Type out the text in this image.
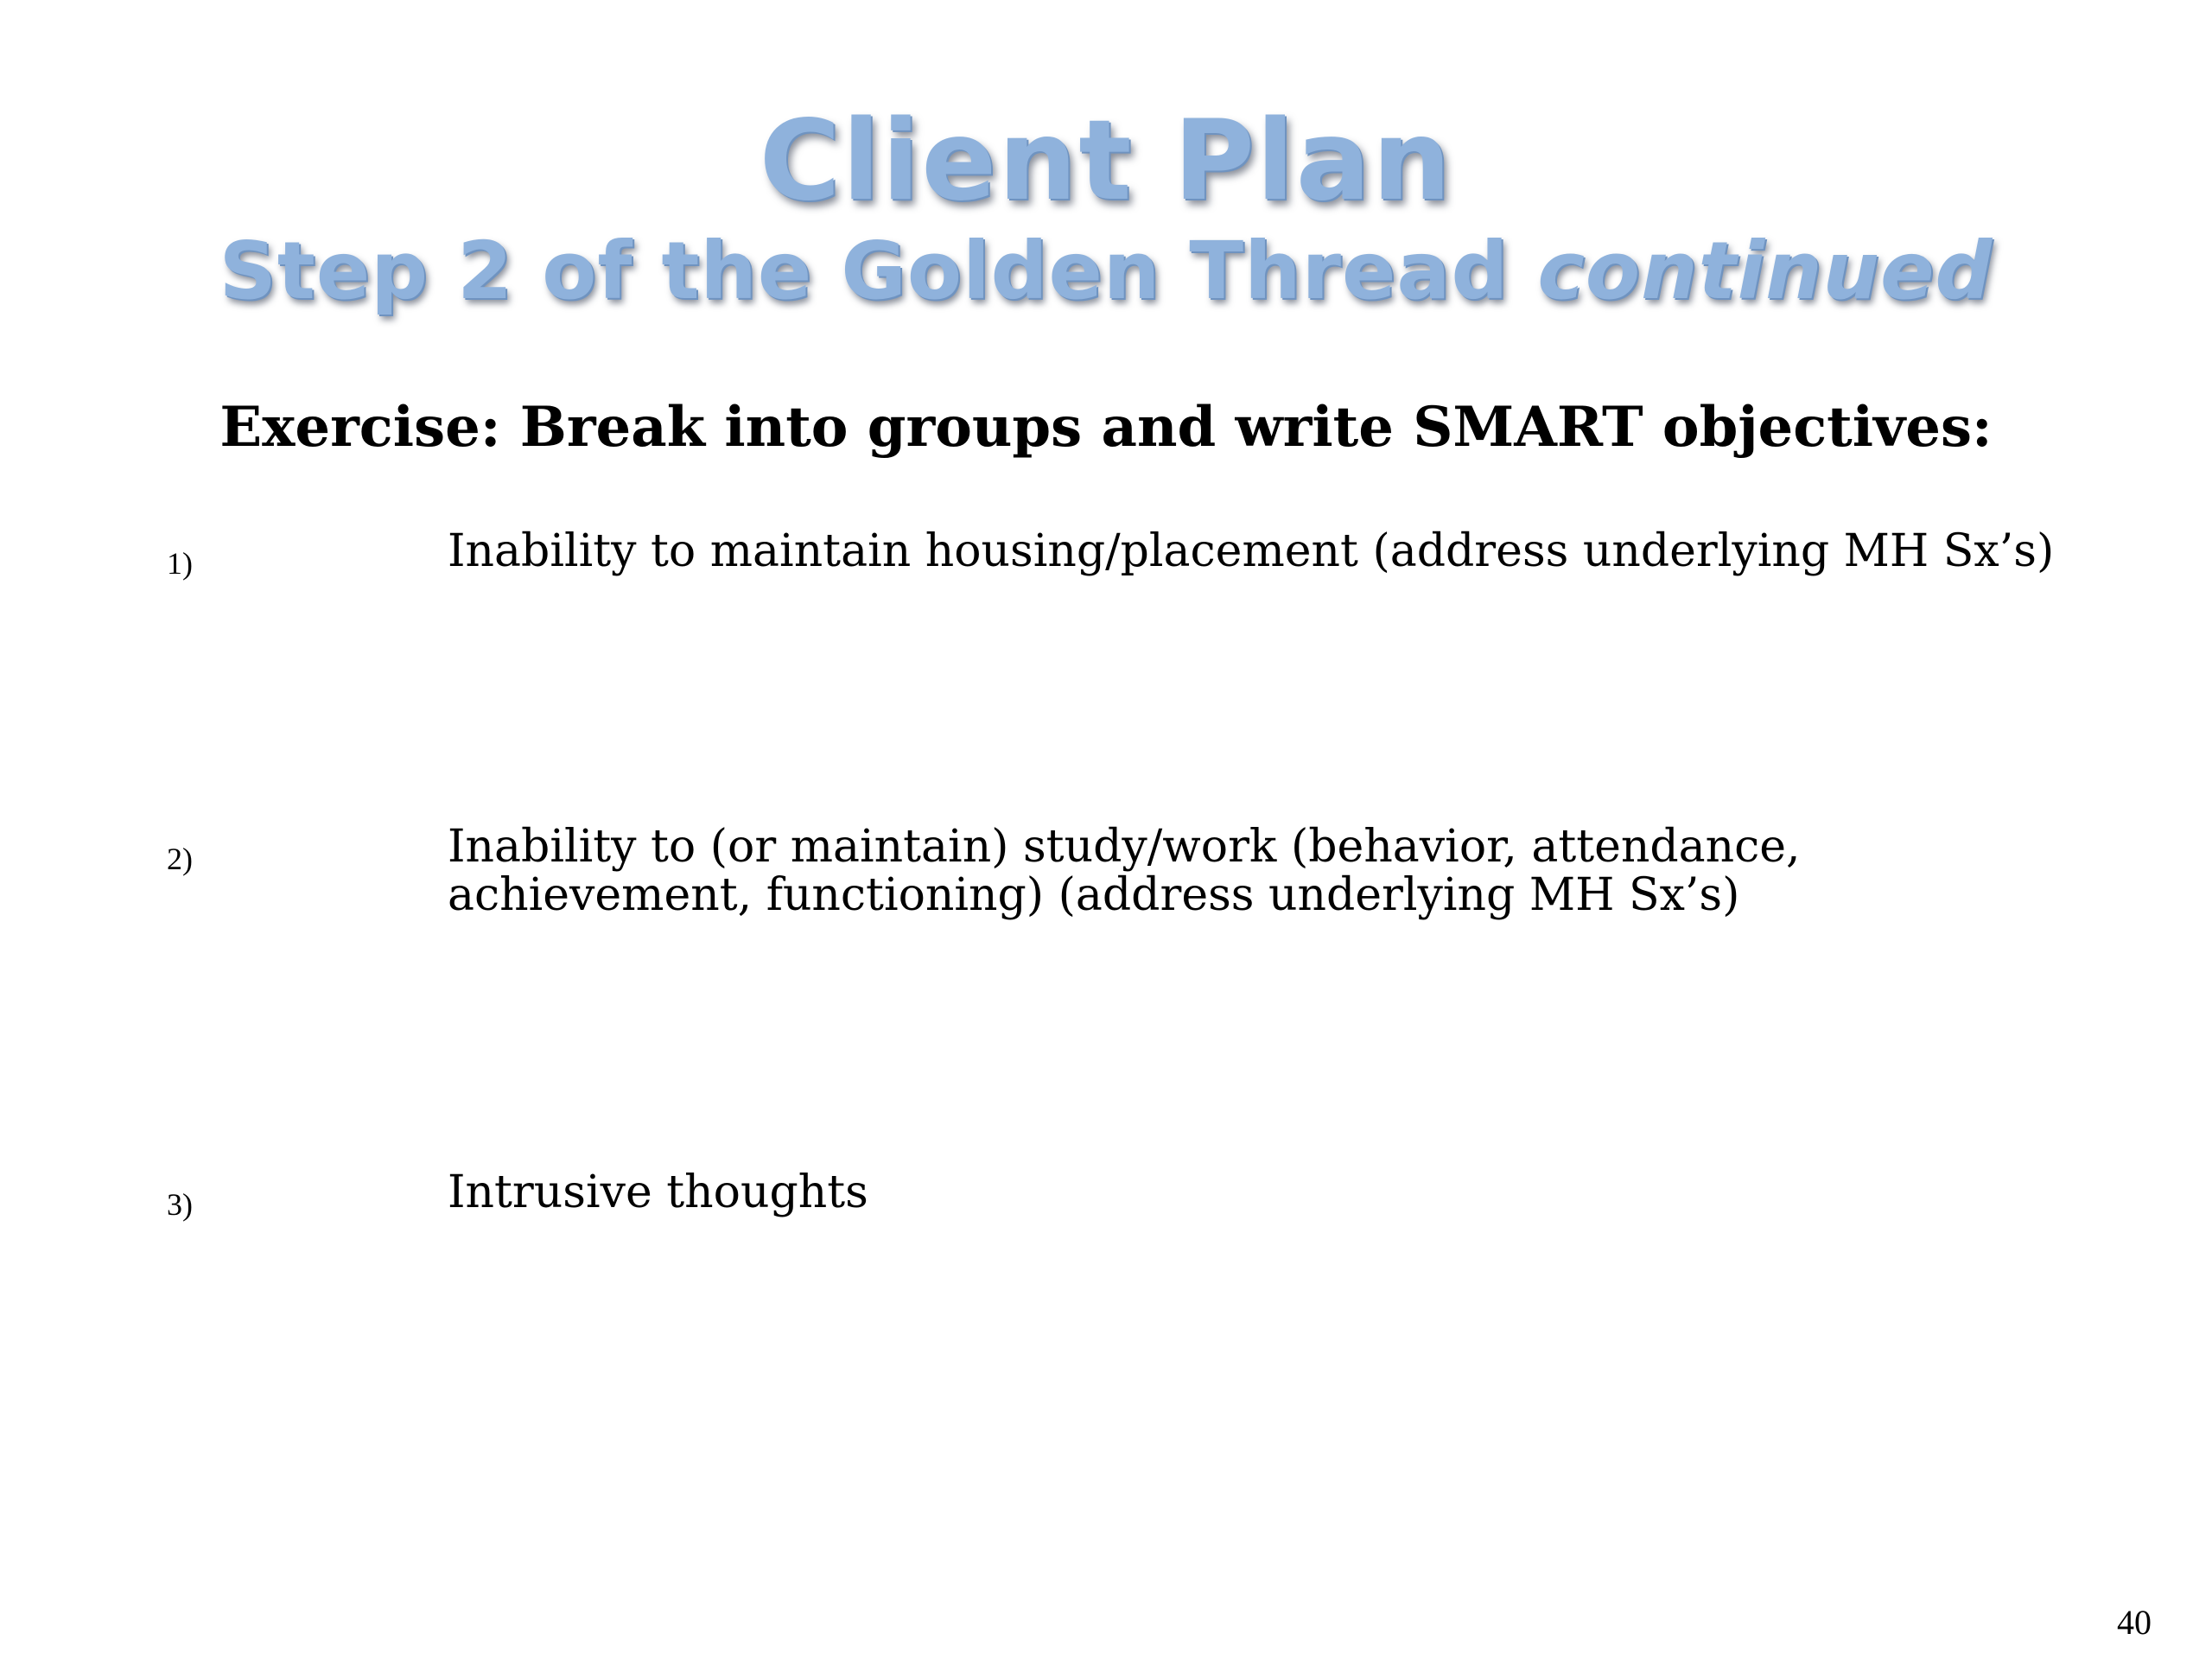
Client Plan
Step 2 of the Golden Thread continued
Exercise: Break into groups and write SMART objectives:
1)	Inability to maintain housing/placement (address underlying MH Sx’s)
2)	Inability to (or maintain) study/work (behavior, attendance, achievement, functioning) (address underlying MH Sx’s)
3)	Intrusive thoughts
40
